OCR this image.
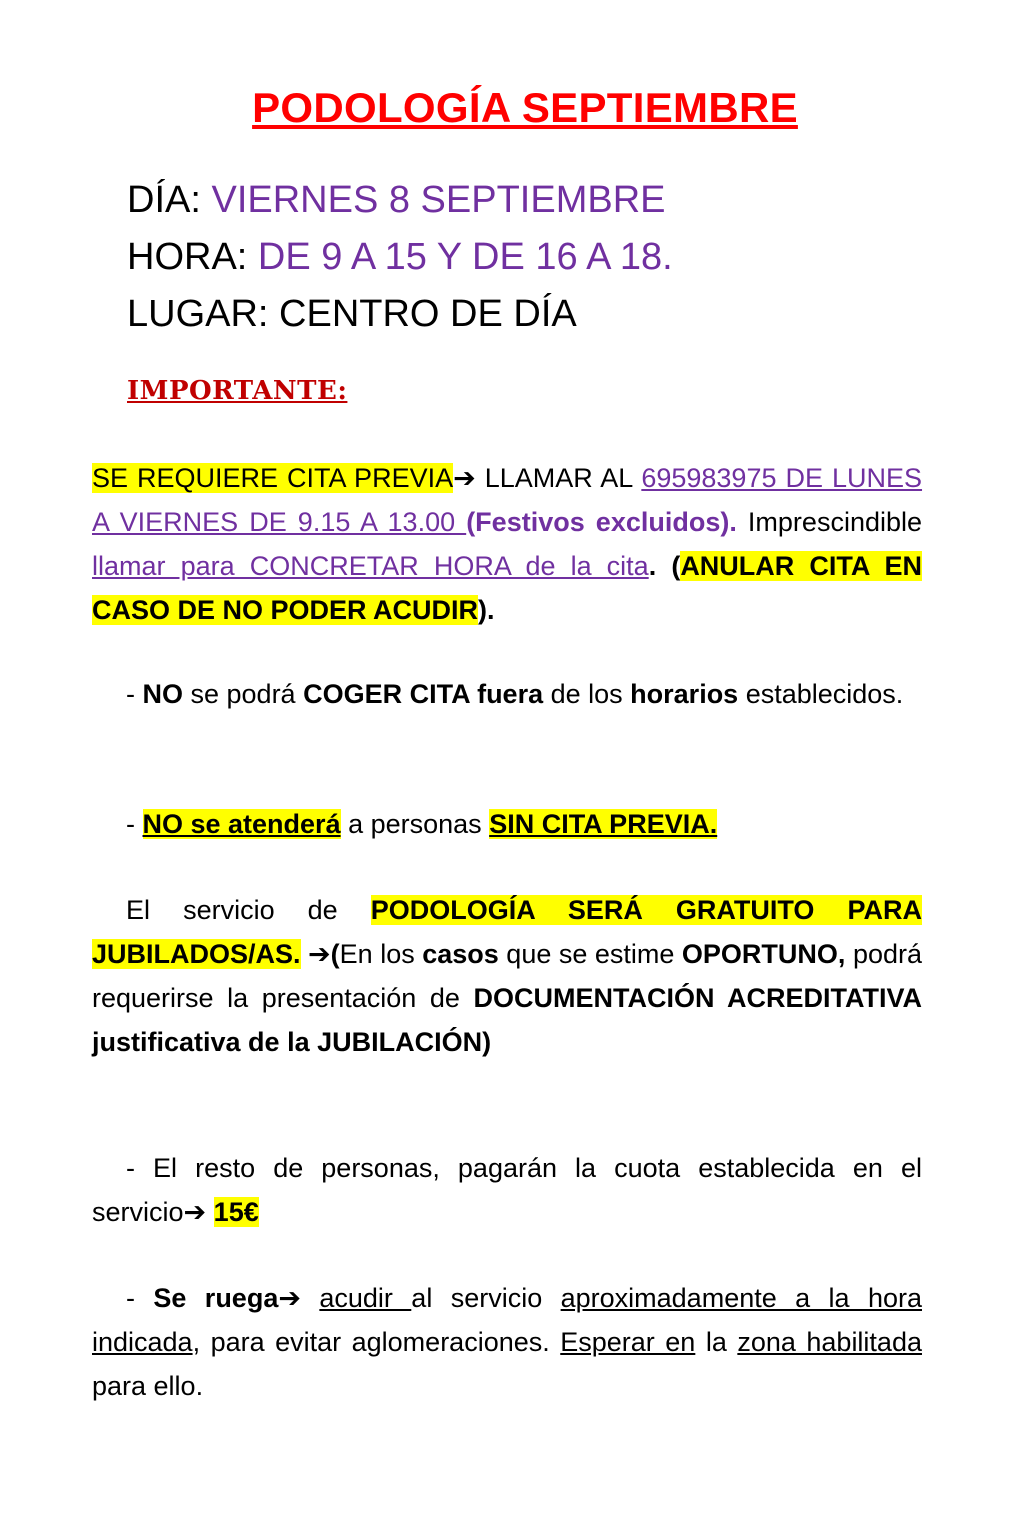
PODOLOGÍA SEPTIEMBRE
DÍA: VIERNES 8 SEPTIEMBRE
HORA: DE 9 A 15 Y DE 16 A 18.
LUGAR: CENTRO DE DÍA
IMPORTANTE:
SE REQUIERE CITA PREVIA➔ LLAMAR AL 695983975 DE LUNES A VIERNES DE 9.15 A 13.00 (Festivos excluidos). Imprescindible llamar para CONCRETAR HORA de la cita. (ANULAR CITA EN CASO DE NO PODER ACUDIR).
- NO se podrá COGER CITA fuera de los horarios establecidos.
- NO se atenderá a personas SIN CITA PREVIA.
El servicio de PODOLOGÍA SERÁ GRATUITO PARA JUBILADOS/AS. ➔(En los casos que se estime OPORTUNO, podrá requerirse la presentación de DOCUMENTACIÓN ACREDITATIVA justificativa de la JUBILACIÓN)
- El resto de personas, pagarán la cuota establecida en el servicio➔ 15€
- Se ruega➔ acudir al servicio aproximadamente a la hora indicada, para evitar aglomeraciones. Esperar en la zona habilitada para ello.
